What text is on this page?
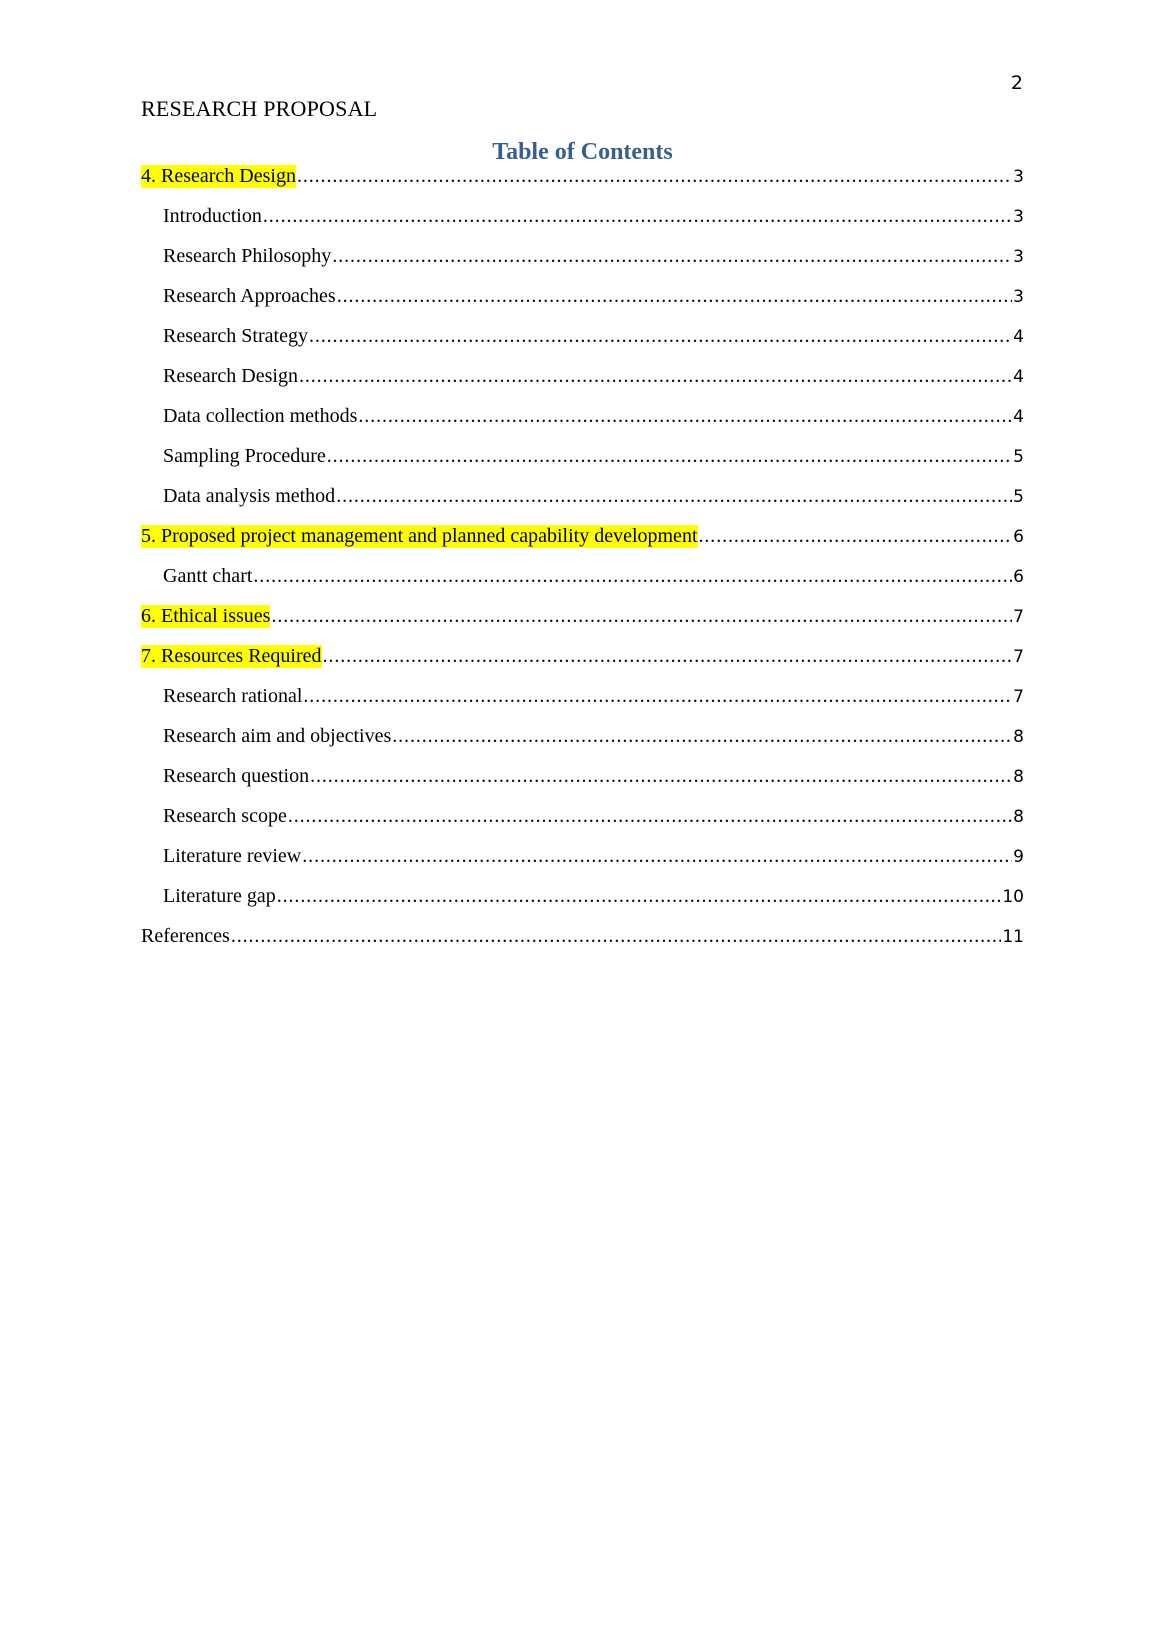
2
RESEARCH PROPOSAL
Table of Contents
4. Research Design .....	3
Introduction .....	3
Research Philosophy .....	3
Research Approaches .....	3
Research Strategy .....	4
Research Design .....	4
Data collection methods .....	4
Sampling Procedure .....	5
Data analysis method .....	5
5. Proposed project management and planned capability development .....	6
Gantt chart .....	6
6. Ethical issues .....	7
7. Resources Required .....	7
Research rational .....	7
Research aim and objectives .....	8
Research question .....	8
Research scope .....	8
Literature review .....	9
Literature gap .....	10
References .....	11
